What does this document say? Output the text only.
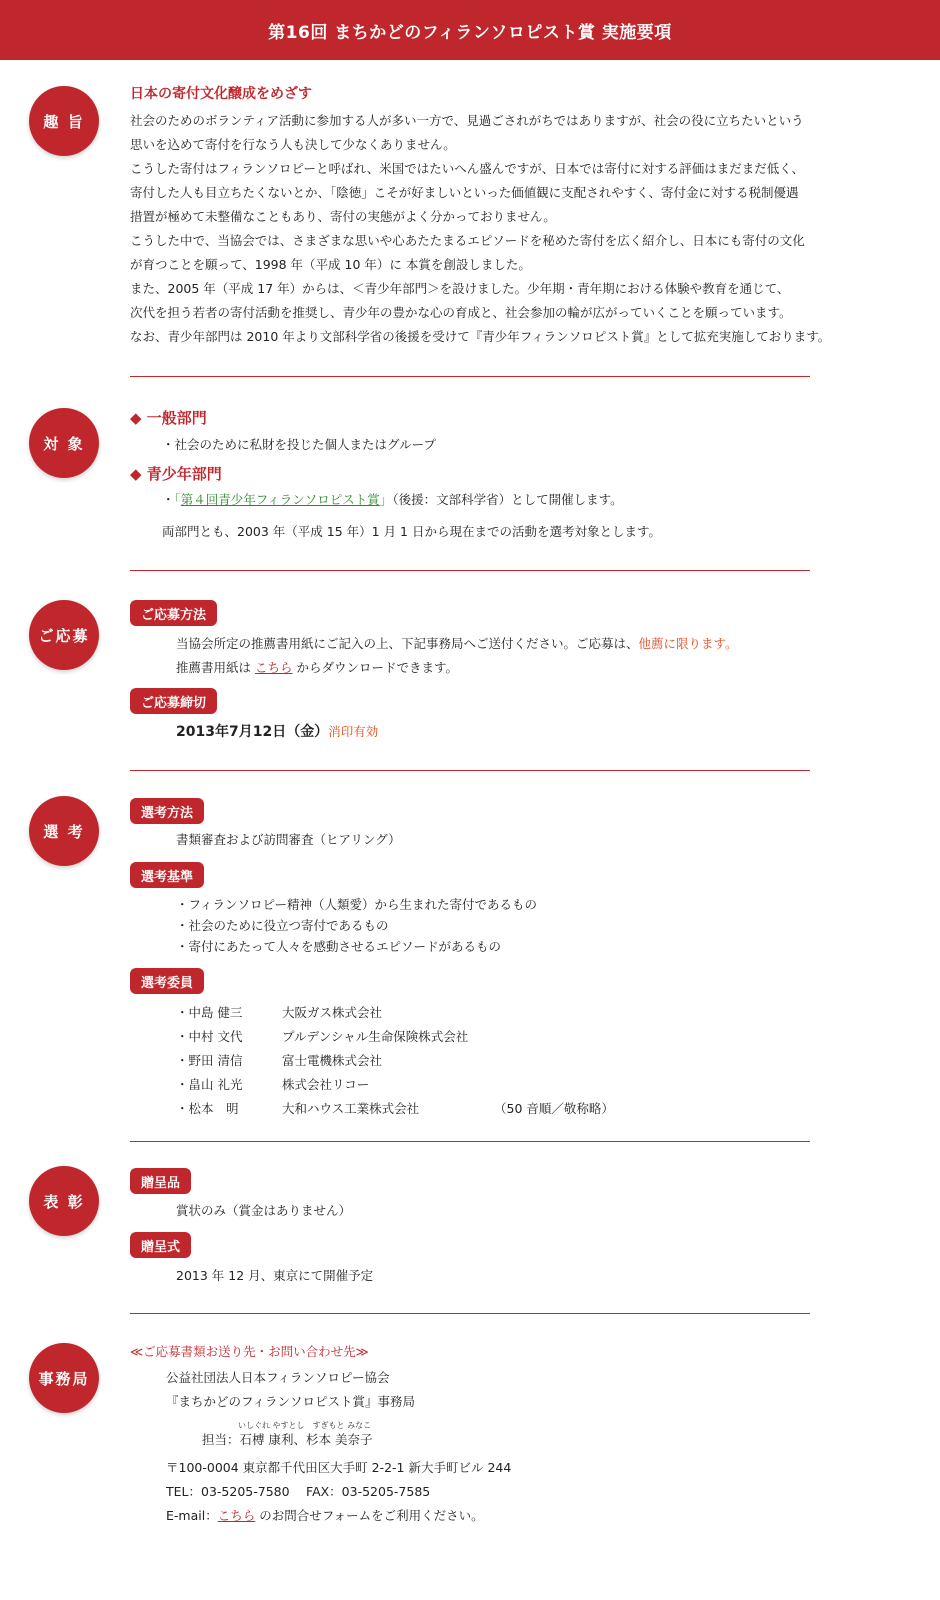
第16回 まちかどのフィランソロピスト賞 実施要項
趣 旨
日本の寄付文化醸成をめざす
社会のためのボランティア活動に参加する人が多い一方で、見過ごされがちではありますが、社会の役に立ちたいという
思いを込めて寄付を行なう人も決して少なくありません。
こうした寄付はフィランソロピーと呼ばれ、米国ではたいへん盛んですが、日本では寄付に対する評価はまだまだ低く、
寄付した人も目立ちたくないとか、「陰徳」こそが好ましいといった価値観に支配されやすく、寄付金に対する税制優遇
措置が極めて未整備なこともあり、寄付の実態がよく分かっておりません。
こうした中で、当協会では、さまざまな思いや心あたたまるエピソードを秘めた寄付を広く紹介し、日本にも寄付の文化
が育つことを願って、1998 年（平成 10 年）に 本賞を創設しました。
また、2005 年（平成 17 年）からは、＜青少年部門＞を設けました。少年期・青年期における体験や教育を通じて、
次代を担う若者の寄付活動を推奨し、青少年の豊かな心の育成と、社会参加の輪が広がっていくことを願っています。
なお、青少年部門は 2010 年より文部科学省の後援を受けて『青少年フィランソロピスト賞』として拡充実施しております。
対 象
◆ 一般部門
・社会のために私財を投じた個人またはグループ
◆ 青少年部門
・「第４回青少年フィランソロピスト賞」（後援：文部科学省）として開催します。
両部門とも、2003 年（平成 15 年）1 月 1 日から現在までの活動を選考対象とします。
ご応募
ご応募方法
当協会所定の推薦書用紙にご記入の上、下記事務局へご送付ください。ご応募は、他薦に限ります。
推薦書用紙は こちら からダウンロードできます。
ご応募締切
2013年7月12日（金）消印有効
選 考
選考方法
書類審査および訪問審査（ヒアリング）
選考基準
・フィランソロピー精神（人類愛）から生まれた寄付であるもの
・社会のために役立つ寄付であるもの
・寄付にあたって人々を感動させるエピソードがあるもの
選考委員
・中島 健三	大阪ガス株式会社
・中村 文代	プルデンシャル生命保険株式会社
・野田 清信	富士電機株式会社
・畠山 礼光	株式会社リコー
・松本　明	大和ハウス工業株式会社	（50 音順／敬称略）
表 彰
贈呈品
賞状のみ（賞金はありません）
贈呈式
2013 年 12 月、東京にて開催予定
事務局
≪ご応募書類お送り先・お問い合わせ先≫
公益社団法人日本フィランソロピー協会
『まちかどのフィランソロピスト賞』事務局
いしぐれ やすとし　すぎもと みなこ
担当：石榑 康利、杉本 美奈子
〒100-0004 東京都千代田区大手町 2-2-1 新大手町ビル 244
TEL：03-5205-7580　 FAX：03-5205-7585
E-mail：こちら のお問合せフォームをご利用ください。
